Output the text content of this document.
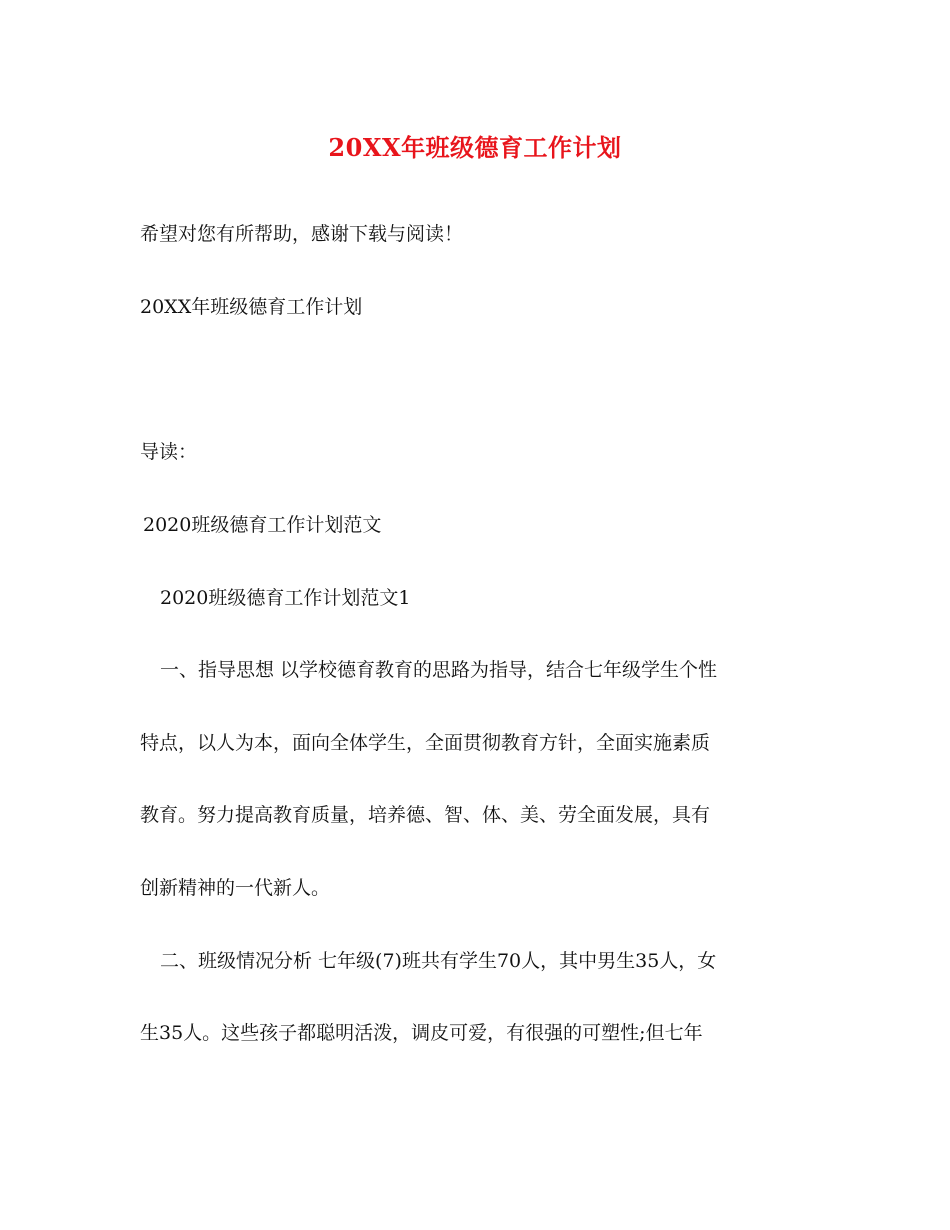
20XX年班级德育工作计划
希望对您有所帮助，感谢下载与阅读！
20XX年班级德育工作计划
导读：
2020班级德育工作计划范文
2020班级德育工作计划范文1
一、指导思想 以学校德育教育的思路为指导，结合七年级学生个性
特点，以人为本，面向全体学生，全面贯彻教育方针，全面实施素质
教育。努力提高教育质量，培养德、智、体、美、劳全面发展，具有
创新精神的一代新人。
二、班级情况分析 七年级(7)班共有学生70人，其中男生35人，女
生35人。这些孩子都聪明活泼，调皮可爱，有很强的可塑性;但七年
